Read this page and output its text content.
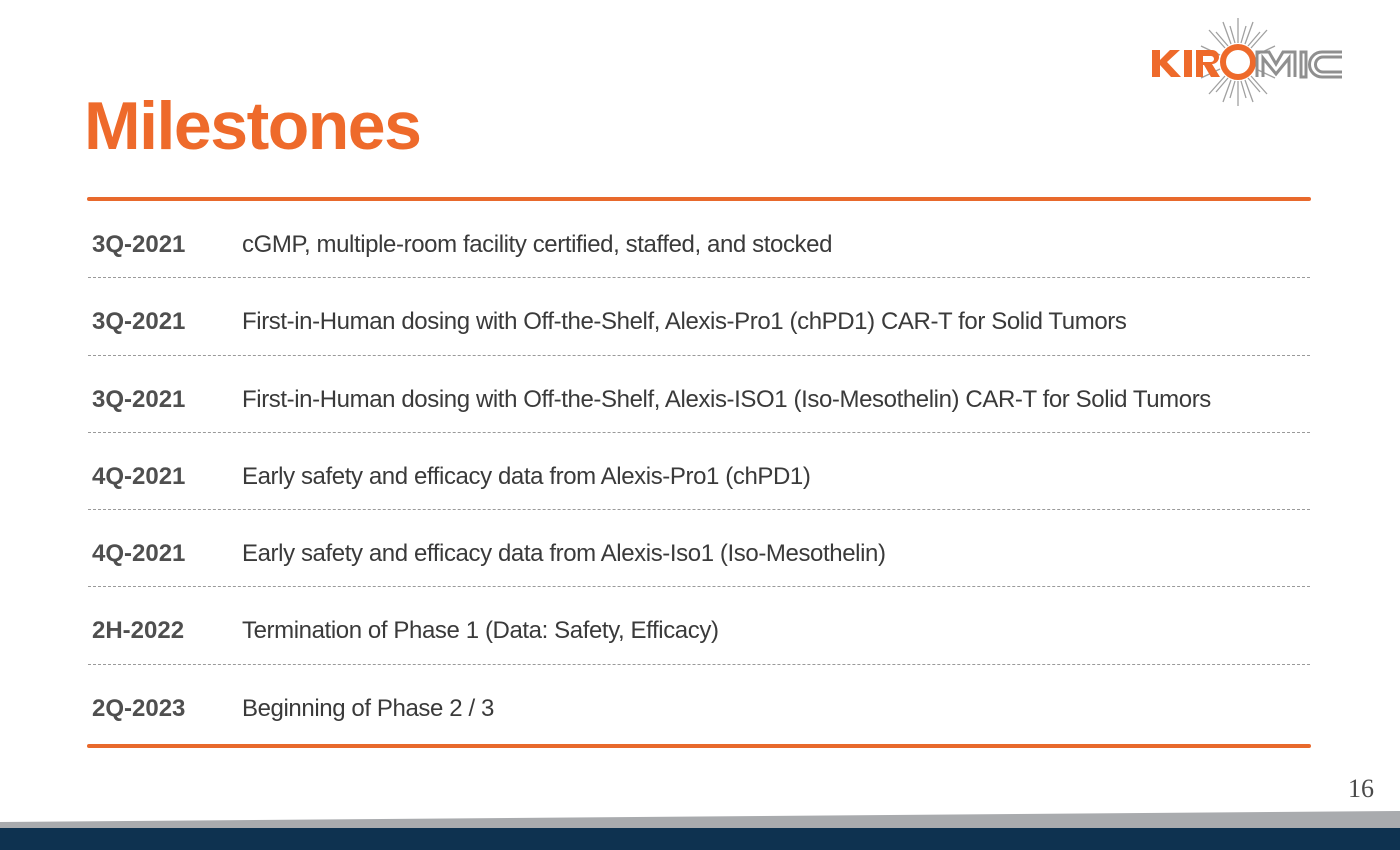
Milestones
3Q-2021 cGMP, multiple-room facility certified, staffed, and stocked
3Q-2021 First-in-Human dosing with Off-the-Shelf, Alexis-Pro1 (chPD1) CAR-T for Solid Tumors
3Q-2021 First-in-Human dosing with Off-the-Shelf, Alexis-ISO1 (Iso-Mesothelin) CAR-T for Solid Tumors
4Q-2021 Early safety and efficacy data from Alexis-Pro1 (chPD1)
4Q-2021 Early safety and efficacy data from Alexis-Iso1 (Iso-Mesothelin)
2H-2022 Termination of Phase 1 (Data: Safety, Efficacy)
2Q-2023 Beginning of Phase 2 / 3
16
